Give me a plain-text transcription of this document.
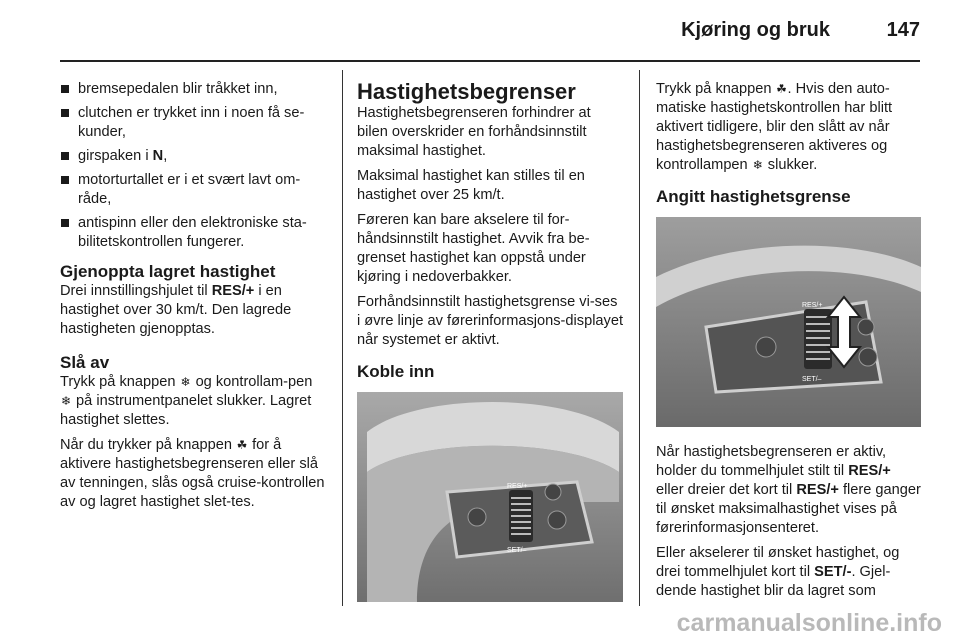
Kjøring og bruk	147
bremsepedalen blir tråkket inn,
clutchen er trykket inn i noen få se-kunder,
girspaken i N,
motorturtallet er i et svært lavt om-råde,
antispinn eller den elektroniske sta-bilitetskontrollen fungerer.
Gjenoppta lagret hastighet

Drei innstillingshjulet til RES/+ i en hastighet over 30 km/t. Den lagrede hastigheten gjenopptas.

Slå av

Trykk på knappen ❄ og kontrollam-pen ❄ på instrumentpanelet slukker. Lagret hastighet slettes.

Når du trykker på knappen ☘ for å aktivere hastighetsbegrenseren eller slå av tenningen, slås også cruise-kontrollen av og lagret hastighet slet-tes.

Hastighetsbegrenser

Hastighetsbegrenseren forhindrer at bilen overskrider en forhåndsinnstilt maksimal hastighet.

Maksimal hastighet kan stilles til en hastighet over 25 km/t.

Føreren kan bare akselere til for-håndsinnstilt hastighet. Avvik fra be-grenset hastighet kan oppstå under kjøring i nedoverbakker.

Forhåndsinnstilt hastighetsgrense vi-ses i øvre linje av førerinformasjons-displayet når systemet er aktivt.

Koble inn
RES/+
SET/–

Trykk på knappen ☘. Hvis den auto-matiske hastighetskontrollen har blitt aktivert tidligere, blir den slått av når hastighetsbegrenseren aktiveres og kontrollampen ❄ slukker.

Angitt hastighetsgrense
RES/+
SET/–

Når hastighetsbegrenseren er aktiv, holder du tommelhjulet stilt til RES/+ eller dreier det kort til RES/+ flere ganger til ønsket maksimalhastighet vises på førerinformasjonsenteret.

Eller akselerer til ønsket hastighet, og drei tommelhjulet kort til SET/-. Gjel-dende hastighet blir da lagret som

carmanualsonline.info
